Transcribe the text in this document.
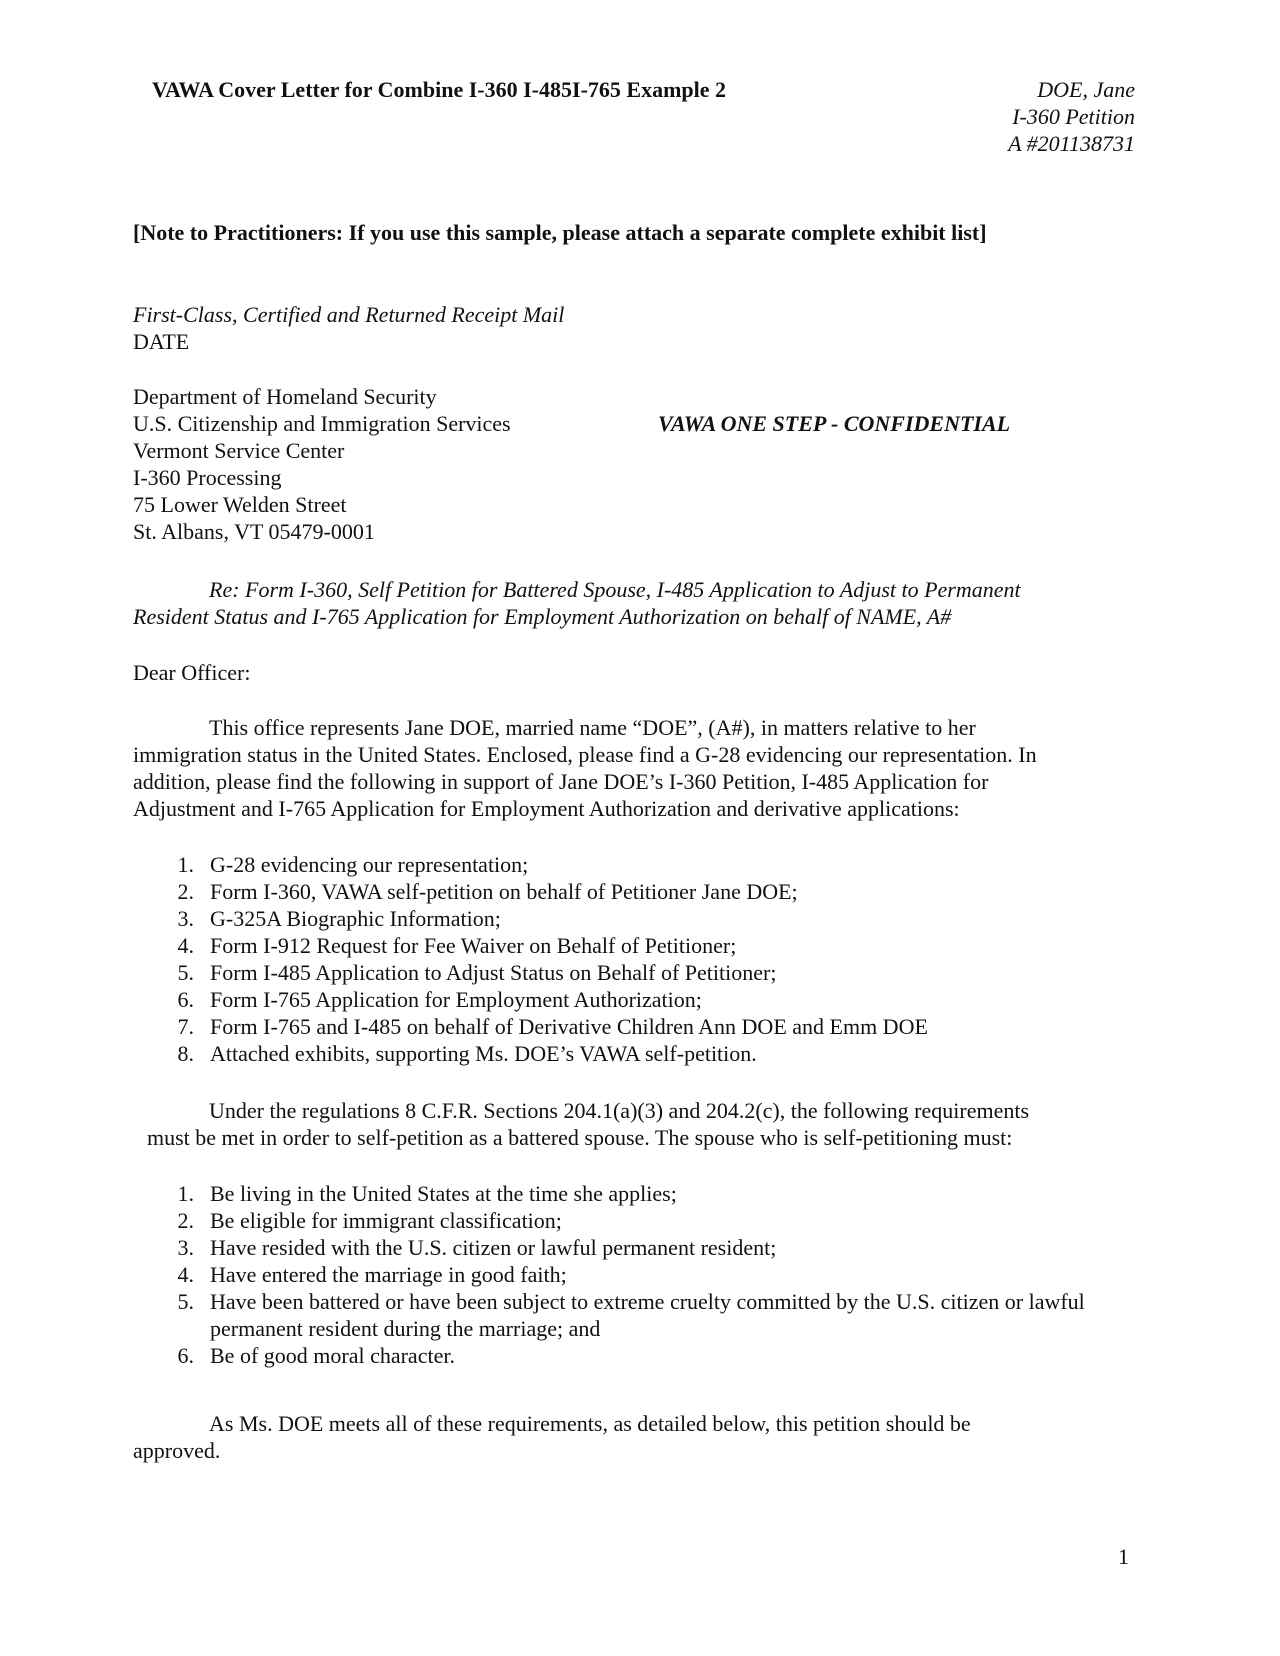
VAWA Cover Letter for Combine I-360 I-485I-765 Example 2	DOE, Jane
I-360 Petition
A #201138731
[Note to Practitioners: If you use this sample, please attach a separate complete exhibit list]
First-Class, Certified and Returned Receipt Mail
DATE
Department of Homeland Security
U.S. Citizenship and Immigration Services
Vermont Service Center
I-360 Processing
75 Lower Welden Street
St. Albans, VT 05479-0001
VAWA ONE STEP - CONFIDENTIAL
Re: Form I-360, Self Petition for Battered Spouse, I-485 Application to Adjust to Permanent
Resident Status and I-765 Application for Employment Authorization on behalf of NAME, A#
Dear Officer:
This office represents Jane DOE, married name “DOE”, (A#), in matters relative to her
immigration status in the United States. Enclosed, please find a G-28 evidencing our representation. In
addition, please find the following in support of Jane DOE’s I-360 Petition, I-485 Application for
Adjustment and I-765 Application for Employment Authorization and derivative applications:
1. G-28 evidencing our representation;
2. Form I-360, VAWA self-petition on behalf of Petitioner Jane DOE;
3. G-325A Biographic Information;
4. Form I-912 Request for Fee Waiver on Behalf of Petitioner;
5. Form I-485 Application to Adjust Status on Behalf of Petitioner;
6. Form I-765 Application for Employment Authorization;
7. Form I-765 and I-485 on behalf of Derivative Children Ann DOE and Emm DOE
8. Attached exhibits, supporting Ms. DOE’s VAWA self-petition.
Under the regulations 8 C.F.R. Sections 204.1(a)(3) and 204.2(c), the following requirements
must be met in order to self-petition as a battered spouse. The spouse who is self-petitioning must:
1. Be living in the United States at the time she applies;
2. Be eligible for immigrant classification;
3. Have resided with the U.S. citizen or lawful permanent resident;
4. Have entered the marriage in good faith;
5. Have been battered or have been subject to extreme cruelty committed by the U.S. citizen or lawful permanent resident during the marriage; and
6. Be of good moral character.
As Ms. DOE meets all of these requirements, as detailed below, this petition should be
approved.
1
